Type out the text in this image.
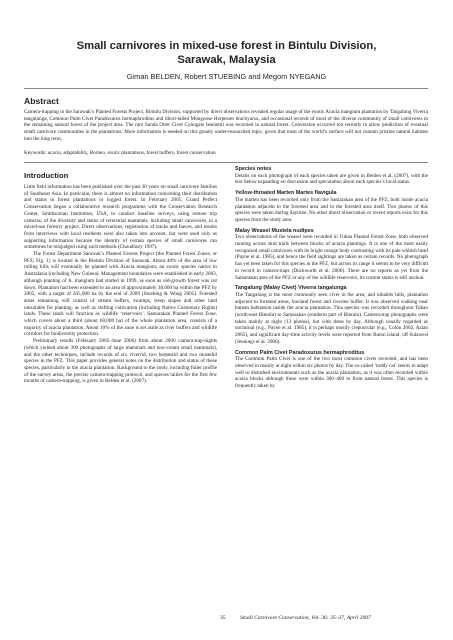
Small carnivores in mixed-use forest in Bintulu Division,
Sarawak, Malaysia
Giman BELDEN, Robert STUEBING and Megom NYEGANG
Abstract
Camera-trapping in the Sarawak’s Planted Forests Project, Bintulu Division, supported by direct observations revealed regular usage of the exotic Acacia mangium plantation by Tangalung Viverra tangalunga, Common Palm Civet Paradoxurus hermaphroditus and Short-tailed Mongoose Herpestes brachyurus, and occasional records of most of the diverse community of small carnivores in the remaining natural forest of the project area. The rare Sunda Otter Civet Cynogale bennettii was recorded in natural forest. Conversion occurred too recently to allow prediction of eventual small carnivore communities in the plantations. More information is needed on this greatly under-researched topic, given that most of the world’s surface will not contain pristine natural habitats into the long term.
Keywords: acacia, adaptability, Borneo, exotic plantations, forest buffers, forest conservation
Introduction

Little field information has been published over the past 30 years on small carnivore families of Southeast Asia. In particular, there is almost no information concerning their distribution and status in forest plantations or logged forest. In February 2005, Grand Perfect Conservation began a collaborative research programme with the Conservation Research Center, Smithsonian Institution, USA, to conduct baseline surveys, using remote trip cameras, of the diversity and status of terrestrial mammals, including small carnivores, in a mixed-use forestry project. Direct observations, registration of tracks and faeces, and results from interviews with local residents were also taken into account, but were used only as supporting information because the identity of certain species of small carnivores can sometimes be misjudged using such methods (Choudhury 1997).

The Forest Department Sarawak’s Planted Forests Project (the Planted Forest Zones, or PFZ; Fig. 1) is located in the Bintulu Division of Sarawak. About 40% of the area of low rolling hills will eventually be planted with Acacia mangium, an exotic species native to Australasia (including New Guinea). Management boundaries were established in early 2003, although planting of A. mangium had started in 1999, as soon as old-growth forest was cut down. Plantation had been extended to an area of approximately 38,000 ha within the PFZ by 2005, with a target of 205,000 ha by the end of 2009 (Stuebing & Wong 2005). Forested areas remaining will consist of stream buffers, swamps, steep slopes and other land unsuitable for planting, as well as shifting cultivation (including Native Customary Rights) lands. These lands will function as wildlife ‘reservoirs’. Samarakan Planted Forest Zone, which covers about a third (about 60,000 ha) of the whole plantation area, consists of a majority of acacia plantation. About 10% of the zone is set aside as river buffers and wildlife corridors for biodiversity protection.

Preliminary results (February 2005–June 2006) from about 2000 camera-trap-nights (which yielded about 300 photographs of large mammals and non-volant small mammals), and the other techniques, include records of six viverrid, two herpestid and two mustelid species in the PFZ. This paper provides general notes on the distribution and status of these species, particularly in the acacia plantation. Background to the study, including fuller profile of the survey areas, the precise camera-trapping protocol, and species tallies for the first few months of camera-trapping, is given in Belden et al. (2007).

Species notes

Details on each photograph of each species taken are given in Belden et al. (2007), with the text below expanding on discussion and speculation about each species’s local status.

Yellow-throated Marten Martes flavigula

The marten has been recorded only from the Samarakan area of the PFZ, both inside acacia plantation adjacent to the forested area and in the forested area itself. Two photos of this species were taken during daytime. No other direct observation or recent reports exist for this species from the study area.

Malay Weasel Mustela nudipes

Two observations of the weasel were recorded in Tubau Planted Forest Zone, both observed running across skid trails between blocks of acacia plantings. It is one of the most easily recognised small carnivores with its bright orange body contrasting with its pale whitish head (Payne et al. 1985), and hence the field sightings are taken as certain records. No photograph has yet been taken for this species in the PFZ, but across its range it seems to be very difficult to record in camera-traps (Duckworth et al. 2006). There are no reports as yet from the Samarakan area of the PFZ or any of the wildlife reservoirs, its current status is still unclear.

Tangalung (Malay Civet) Viverra tangalunga

The Tangalung is the most commonly seen civet in the area, and inhabits hills, plantation adjacent to forested areas, lowland forest and riverine buffer. It was observed walking near human habitation inside the acacia plantation. This species was recorded throughout Tubau (north-east Bintulu) to Samarakan (southern part of Bintulu). Camera-trap photographs were taken mainly at night (13 photos), but with three by day. Although usually regarded as nocturnal (e.g., Payne et al. 1985), it is perhaps mostly crepuscular (e.g., Colón 2002, Azlan 2005), and significant day-time activity levels were reported from Buton island, off Sulawesi (Jennings et al. 2006).

Common Palm Civet Paradoxurus hermaphroditus

The Common Palm Civet is one of the two most common civets recorded, and has been observed in mainly at night within six photos by day. The so-called ‘toddy cat’ seems to adapt well to disturbed environments such as the acacia plantation, as it was often recorded within acacia blocks although these were within 300–400 m from natural forest. This species is frequently taken by

35	Small Carnivore Conservation, Vol. 36: 35–37, April 2007
